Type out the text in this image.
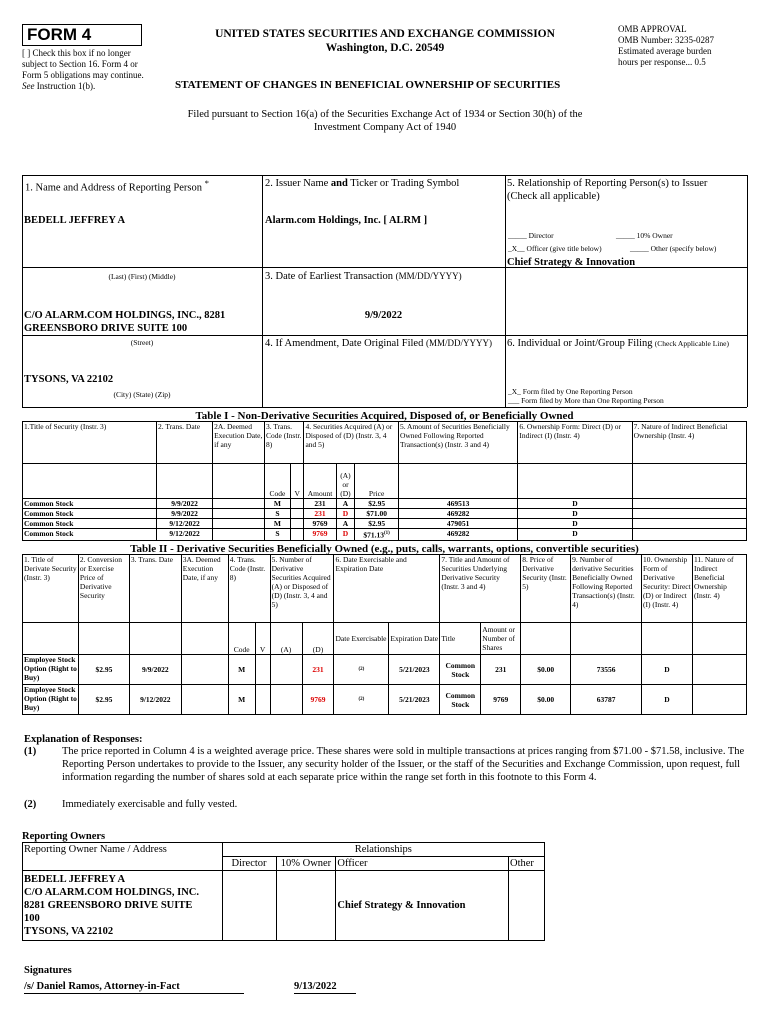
FORM 4
[ ] Check this box if no longer subject to Section 16. Form 4 or Form 5 obligations may continue. See Instruction 1(b).
UNITED STATES SECURITIES AND EXCHANGE COMMISSION
Washington, D.C. 20549
OMB APPROVAL
OMB Number: 3235-0287
Estimated average burden
hours per response... 0.5
STATEMENT OF CHANGES IN BENEFICIAL OWNERSHIP OF SECURITIES
Filed pursuant to Section 16(a) of the Securities Exchange Act of 1934 or Section 30(h) of the
Investment Company Act of 1940
1. Name and Address of Reporting Person *
BEDELL JEFFREY A
(Last) (First) (Middle)
C/O ALARM.COM HOLDINGS, INC., 8281 GREENSBORO DRIVE SUITE 100
(Street)
TYSONS, VA 22102
(City) (State) (Zip)
2. Issuer Name and Ticker or Trading Symbol
Alarm.com Holdings, Inc. [ ALRM ]
3. Date of Earliest Transaction (MM/DD/YYYY)
9/9/2022
4. If Amendment, Date Original Filed (MM/DD/YYYY)
5. Relationship of Reporting Person(s) to Issuer
(Check all applicable)
_____ Director	_____ 10% Owner
_X__ Officer (give title below)	_____ Other (specify below)
Chief Strategy & Innovation
6. Individual or Joint/Group Filing (Check Applicable Line)
_X_ Form filed by One Reporting Person
___ Form filed by More than One Reporting Person
Table I - Non-Derivative Securities Acquired, Disposed of, or Beneficially Owned
1.Title of Security (Instr. 3)	2. Trans. Date	2A. Deemed Execution Date, if any	3. Trans. Code (Instr. 8)		4. Securities Acquired (A) or Disposed of (D) (Instr. 3, 4 and 5)			5. Amount of Securities Beneficially Owned Following Reported Transaction(s) (Instr. 3 and 4)	6. Ownership Form: Direct (D) or Indirect (I) (Instr. 4)	7. Nature of Indirect Beneficial Ownership (Instr. 4)
			Code	V	Amount	(A) or (D)	Price			
Common Stock	9/9/2022		M		231	A	$2.95	469513	D	
Common Stock	9/9/2022		S		231	D	$71.00	469282	D	
Common Stock	9/12/2022		M		9769	A	$2.95	479051	D	
Common Stock	9/12/2022		S		9769	D	$71.13$^{(1)}$	469282	D	
Table II - Derivative Securities Beneficially Owned (e.g., puts, calls, warrants, options, convertible securities)
1. Title of Derivate Security (Instr. 3)	2. Conversion or Exercise Price of Derivative Security	3. Trans. Date	3A. Deemed Execution Date, if any	4. Trans. Code (Instr. 8)		5. Number of Derivative Securities Acquired (A) or Disposed of (D) (Instr. 3, 4 and 5)		6. Date Exercisable and Expiration Date		7. Title and Amount of Securities Underlying Derivative Security (Instr. 3 and 4)		8. Price of Derivative Security (Instr. 5)	9. Number of derivative Securities Beneficially Owned Following Reported Transaction(s) (Instr. 4)	10. Ownership Form of Derivative Security: Direct (D) or Indirect (I) (Instr. 4)	11. Nature of Indirect Beneficial Ownership (Instr. 4)
				Code	V	(A)	(D)	Date Exercisable	Expiration Date	Title	Amount or Number of Shares				
Employee Stock Option (Right to Buy)	$2.95	9/9/2022		M			231	(2)	5/21/2023	Common Stock	231	$0.00	73556	D	
Employee Stock Option (Right to Buy)	$2.95	9/12/2022		M			9769	(2)	5/21/2023	Common Stock	9769	$0.00	63787	D	
Explanation of Responses:
(1) The price reported in Column 4 is a weighted average price. These shares were sold in multiple transactions at prices ranging from $71.00 - $71.58, inclusive. The Reporting Person undertakes to provide to the Issuer, any security holder of the Issuer, or the staff of the Securities and Exchange Commission, upon request, full information regarding the number of shares sold at each separate price within the range set forth in this footnote to this Form 4.
(2) Immediately exercisable and fully vested.
Reporting Owners
Reporting Owner Name / Address	Relationships			
	Director	10% Owner	Officer	Other

BEDELL JEFFREY A
C/O ALARM.COM HOLDINGS, INC.
8281 GREENSBORO DRIVE SUITE
100
TYSONS, VA 22102			Chief Strategy & Innovation	
Signatures
/s/ Daniel Ramos, Attorney-in-Fact	9/13/2022
